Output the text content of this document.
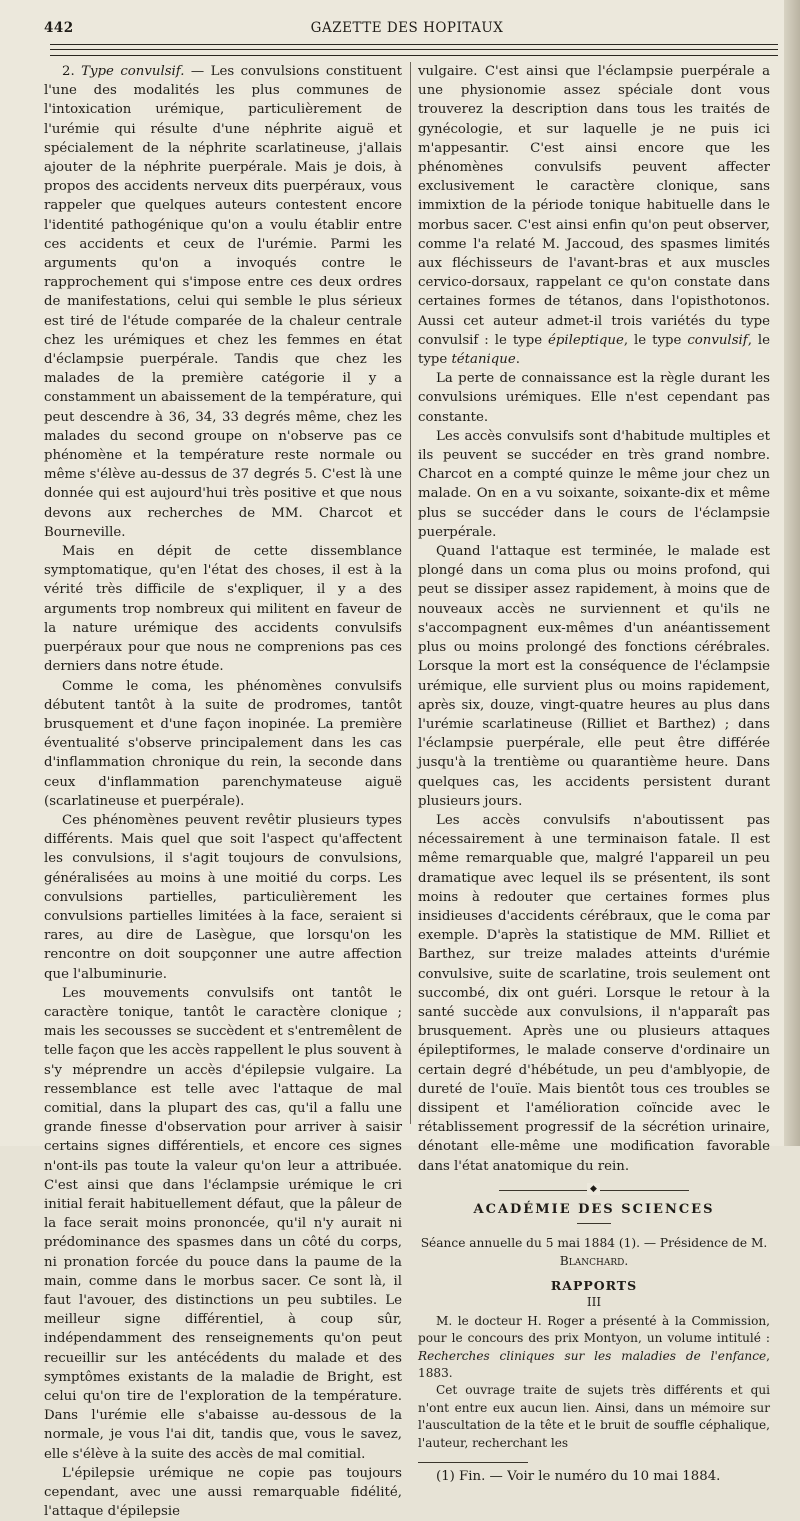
442	GAZETTE DES HOPITAUX

2. Type convulsif. — Les convulsions constituent l'une des modalités les plus communes de l'intoxication urémique, particulièrement de l'urémie qui résulte d'une néphrite aiguë et spécialement de la néphrite scarlatineuse, j'allais ajouter de la néphrite puerpérale. Mais je dois, à propos des accidents nerveux dits puerpéraux, vous rappeler que quelques auteurs contestent encore l'identité pathogénique qu'on a voulu établir entre ces accidents et ceux de l'urémie. Parmi les arguments qu'on a invoqués contre le rapprochement qui s'impose entre ces deux ordres de manifestations, celui qui semble le plus sérieux est tiré de l'étude comparée de la chaleur centrale chez les urémiques et chez les femmes en état d'éclampsie puerpérale. Tandis que chez les malades de la première catégorie il y a constamment un abaissement de la température, qui peut descendre à 36, 34, 33 degrés même, chez les malades du second groupe on n'observe pas ce phénomène et la température reste normale ou même s'élève au-dessus de 37 degrés 5. C'est là une donnée qui est aujourd'hui très positive et que nous devons aux recherches de MM. Charcot et Bourneville.

Mais en dépit de cette dissemblance symptomatique, qu'en l'état des choses, il est à la vérité très difficile de s'expliquer, il y a des arguments trop nombreux qui militent en faveur de la nature urémique des accidents convulsifs puerpéraux pour que nous ne comprenions pas ces derniers dans notre étude.

Comme le coma, les phénomènes convulsifs débutent tantôt à la suite de prodromes, tantôt brusquement et d'une façon inopinée. La première éventualité s'observe principalement dans les cas d'inflammation chronique du rein, la seconde dans ceux d'inflammation parenchymateuse aiguë (scarlatineuse et puerpérale).

Ces phénomènes peuvent revêtir plusieurs types différents. Mais quel que soit l'aspect qu'affectent les convulsions, il s'agit toujours de convulsions, généralisées au moins à une moitié du corps. Les convulsions partielles, particulièrement les convulsions partielles limitées à la face, seraient si rares, au dire de Lasègue, que lorsqu'on les rencontre on doit soupçonner une autre affection que l'albuminurie.

Les mouvements convulsifs ont tantôt le caractère tonique, tantôt le caractère clonique ; mais les secousses se succèdent et s'entremêlent de telle façon que les accès rappellent le plus souvent à s'y méprendre un accès d'épilepsie vulgaire. La ressemblance est telle avec l'attaque de mal comitial, dans la plupart des cas, qu'il a fallu une grande finesse d'observation pour arriver à saisir certains signes différentiels, et encore ces signes n'ont-ils pas toute la valeur qu'on leur a attribuée. C'est ainsi que dans l'éclampsie urémique le cri initial ferait habituellement défaut, que la pâleur de la face serait moins prononcée, qu'il n'y aurait ni prédominance des spasmes dans un côté du corps, ni pronation forcée du pouce dans la paume de la main, comme dans le morbus sacer. Ce sont là, il faut l'avouer, des distinctions un peu subtiles. Le meilleur signe différentiel, à coup sûr, indépendamment des renseignements qu'on peut recueillir sur les antécédents du malade et des symptômes existants de la maladie de Bright, est celui qu'on tire de l'exploration de la température. Dans l'urémie elle s'abaisse au-dessous de la normale, je vous l'ai dit, tandis que, vous le savez, elle s'élève à la suite des accès de mal comitial.

L'épilepsie urémique ne copie pas toujours cependant, avec une aussi remarquable fidélité, l'attaque d'épilepsie

vulgaire. C'est ainsi que l'éclampsie puerpérale a une physionomie assez spéciale dont vous trouverez la description dans tous les traités de gynécologie, et sur laquelle je ne puis ici m'appesantir. C'est ainsi encore que les phénomènes convulsifs peuvent affecter exclusivement le caractère clonique, sans immixtion de la période tonique habituelle dans le morbus sacer. C'est ainsi enfin qu'on peut observer, comme l'a relaté M. Jaccoud, des spasmes limités aux fléchisseurs de l'avant-bras et aux muscles cervico-dorsaux, rappelant ce qu'on constate dans certaines formes de tétanos, dans l'opisthotonos. Aussi cet auteur admet-il trois variétés du type convulsif : le type épileptique, le type convulsif, le type tétanique.

La perte de connaissance est la règle durant les convulsions urémiques. Elle n'est cependant pas constante.

Les accès convulsifs sont d'habitude multiples et ils peuvent se succéder en très grand nombre. Charcot en a compté quinze le même jour chez un malade. On en a vu soixante, soixante-dix et même plus se succéder dans le cours de l'éclampsie puerpérale.

Quand l'attaque est terminée, le malade est plongé dans un coma plus ou moins profond, qui peut se dissiper assez rapidement, à moins que de nouveaux accès ne surviennent et qu'ils ne s'accompagnent eux-mêmes d'un anéantissement plus ou moins prolongé des fonctions cérébrales. Lorsque la mort est la conséquence de l'éclampsie urémique, elle survient plus ou moins rapidement, après six, douze, vingt-quatre heures au plus dans l'urémie scarlatineuse (Rilliet et Barthez) ; dans l'éclampsie puerpérale, elle peut être différée jusqu'à la trentième ou quarantième heure. Dans quelques cas, les accidents persistent durant plusieurs jours.

Les accès convulsifs n'aboutissent pas nécessairement à une terminaison fatale. Il est même remarquable que, malgré l'appareil un peu dramatique avec lequel ils se présentent, ils sont moins à redouter que certaines formes plus insidieuses d'accidents cérébraux, que le coma par exemple. D'après la statistique de MM. Rilliet et Barthez, sur treize malades atteints d'urémie convulsive, suite de scarlatine, trois seulement ont succombé, dix ont guéri. Lorsque le retour à la santé succède aux convulsions, il n'apparaît pas brusquement. Après une ou plusieurs attaques épileptiformes, le malade conserve d'ordinaire un certain degré d'hébétude, un peu d'amblyopie, de dureté de l'ouïe. Mais bientôt tous ces troubles se dissipent et l'amélioration coïncide avec le rétablissement progressif de la sécrétion urinaire, dénotant elle-même une modification favorable dans l'état anatomique du rein.

◆
ACADÉMIE DES SCIENCES
Séance annuelle du 5 mai 1884 (1). — Présidence de M. Blanchard.
RAPPORTS
III

M. le docteur H. Roger a présenté à la Commission, pour le concours des prix Montyon, un volume intitulé : Recherches cliniques sur les maladies de l'enfance, 1883.

Cet ouvrage traite de sujets très différents et qui n'ont entre eux aucun lien. Ainsi, dans un mémoire sur l'auscultation de la tête et le bruit de souffle céphalique, l'auteur, recherchant les

(1) Fin. — Voir le numéro du 10 mai 1884.
